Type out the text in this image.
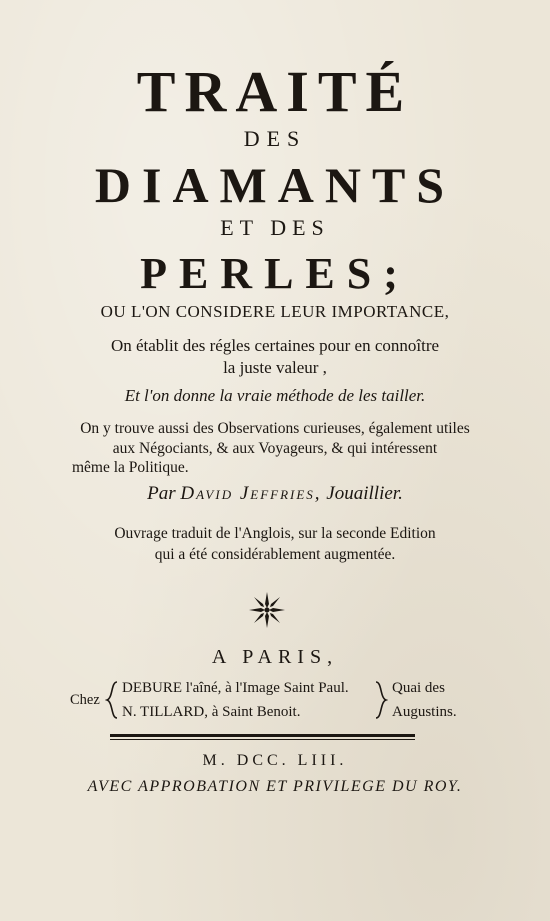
TRAITÉ
DES
DIAMANTS
ET DES
PERLES;
OU L'ON CONSIDERE LEUR IMPORTANCE,
On établit des régles certaines pour en connoître
la juste valeur ,
Et l'on donne la vraie méthode de les tailler.
On y trouve aussi des Observations curieuses, également utiles
aux Négociants, & aux Voyageurs, & qui intéressent
même la Politique.
Par David Jeffries, Jouaillier.
Ouvrage traduit de l'Anglois, sur la seconde Edition
qui a été considérablement augmentée.
A PARIS,
Chez
DEBURE l'aîné, à l'Image Saint Paul.
N. TILLARD, à Saint Benoit.
Quai des
Augustins.
M. DCC. LIII.
AVEC APPROBATION ET PRIVILEGE DU ROY.
